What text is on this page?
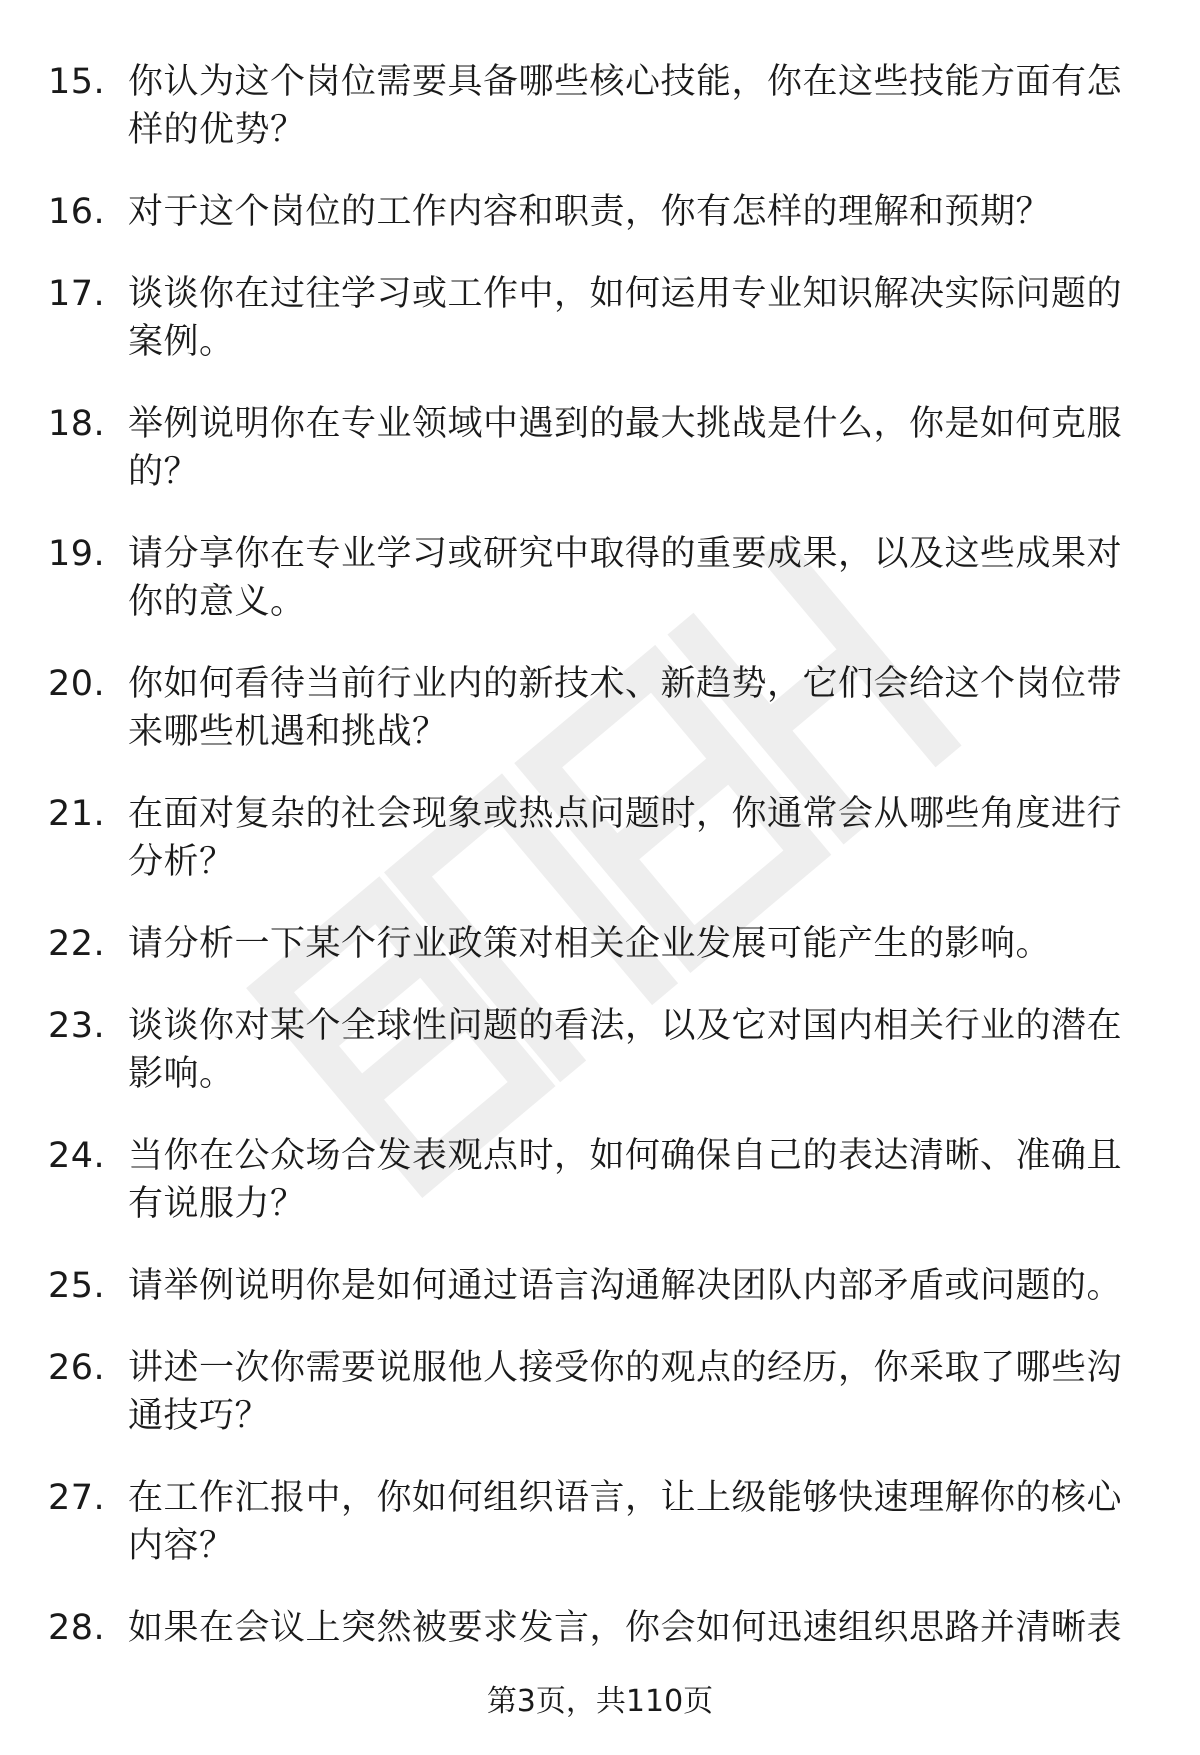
15. 你认为这个岗位需要具备哪些核心技能，你在这些技能方面有怎样的优势？
16. 对于这个岗位的工作内容和职责，你有怎样的理解和预期？
17. 谈谈你在过往学习或工作中，如何运用专业知识解决实际问题的案例。
18. 举例说明你在专业领域中遇到的最大挑战是什么，你是如何克服的？
19. 请分享你在专业学习或研究中取得的重要成果，以及这些成果对你的意义。
20. 你如何看待当前行业内的新技术、新趋势，它们会给这个岗位带来哪些机遇和挑战？
21. 在面对复杂的社会现象或热点问题时，你通常会从哪些角度进行分析？
22. 请分析一下某个行业政策对相关企业发展可能产生的影响。
23. 谈谈你对某个全球性问题的看法，以及它对国内相关行业的潜在影响。
24. 当你在公众场合发表观点时，如何确保自己的表达清晰、准确且有说服力？
25. 请举例说明你是如何通过语言沟通解决团队内部矛盾或问题的。
26. 讲述一次你需要说服他人接受你的观点的经历，你采取了哪些沟通技巧？
27. 在工作汇报中，你如何组织语言，让上级能够快速理解你的核心内容？
28. 如果在会议上突然被要求发言，你会如何迅速组织思路并清晰表
第3页，共110页
